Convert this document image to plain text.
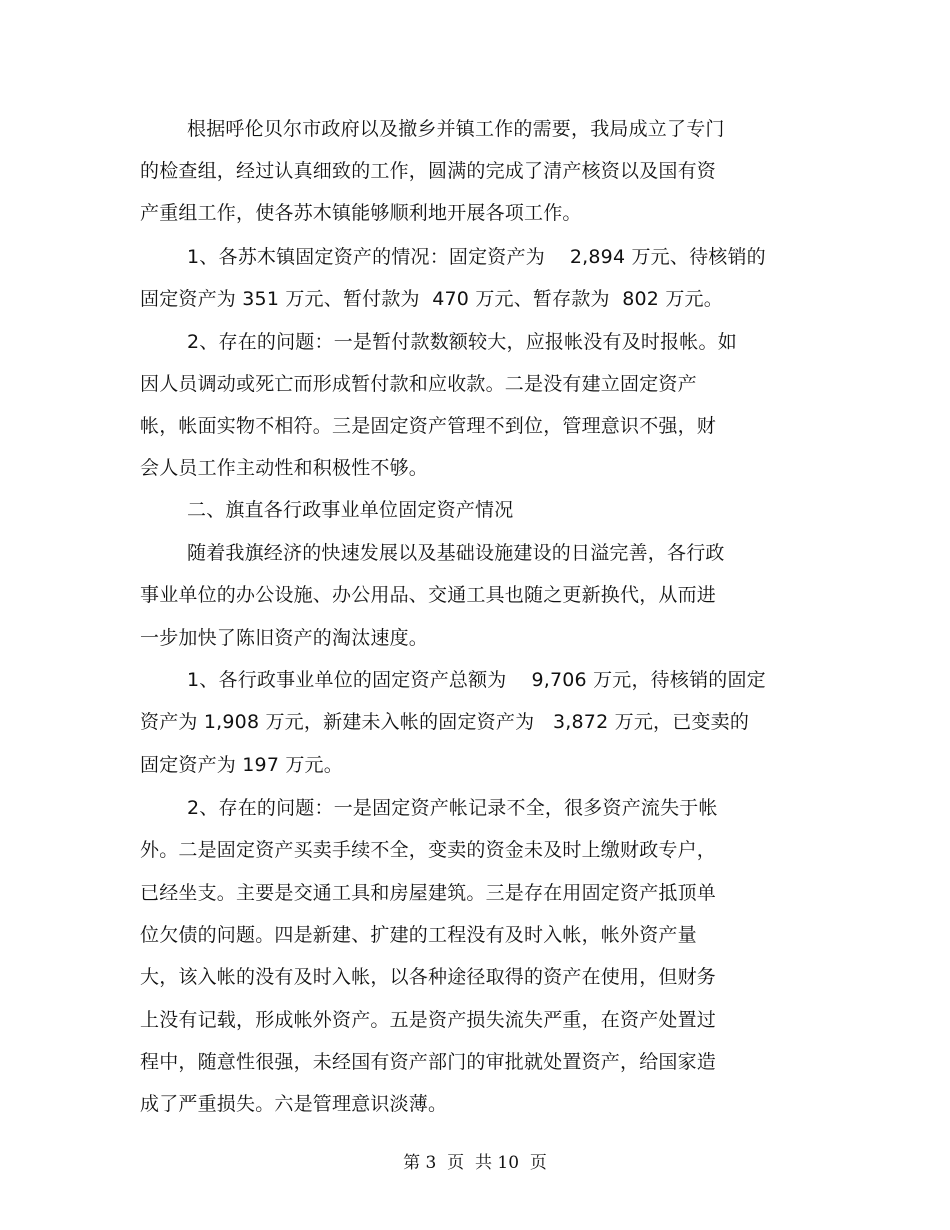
根据呼伦贝尔市政府以及撤乡并镇工作的需要，我局成立了专门
的检查组，经过认真细致的工作，圆满的完成了清产核资以及国有资
产重组工作，使各苏木镇能够顺利地开展各项工作。
1、各苏木镇固定资产的情况：固定资产为    2,894 万元、待核销的
固定资产为 351 万元、暂付款为  470 万元、暂存款为  802 万元。
2、存在的问题：一是暂付款数额较大，应报帐没有及时报帐。如
因人员调动或死亡而形成暂付款和应收款。二是没有建立固定资产
帐，帐面实物不相符。三是固定资产管理不到位，管理意识不强，财
会人员工作主动性和积极性不够。
二、旗直各行政事业单位固定资产情况
随着我旗经济的快速发展以及基础设施建设的日溢完善，各行政
事业单位的办公设施、办公用品、交通工具也随之更新换代，从而进
一步加快了陈旧资产的淘汰速度。
1、各行政事业单位的固定资产总额为    9,706 万元，待核销的固定
资产为 1,908 万元，新建未入帐的固定资产为   3,872 万元，已变卖的
固定资产为 197 万元。
2、存在的问题：一是固定资产帐记录不全，很多资产流失于帐
外。二是固定资产买卖手续不全，变卖的资金未及时上缴财政专户，
已经坐支。主要是交通工具和房屋建筑。三是存在用固定资产抵顶单
位欠债的问题。四是新建、扩建的工程没有及时入帐，帐外资产量
大，该入帐的没有及时入帐，以各种途径取得的资产在使用，但财务
上没有记载，形成帐外资产。五是资产损失流失严重，在资产处置过
程中，随意性很强，未经国有资产部门的审批就处置资产，给国家造
成了严重损失。六是管理意识淡薄。
第 3  页  共 10  页
